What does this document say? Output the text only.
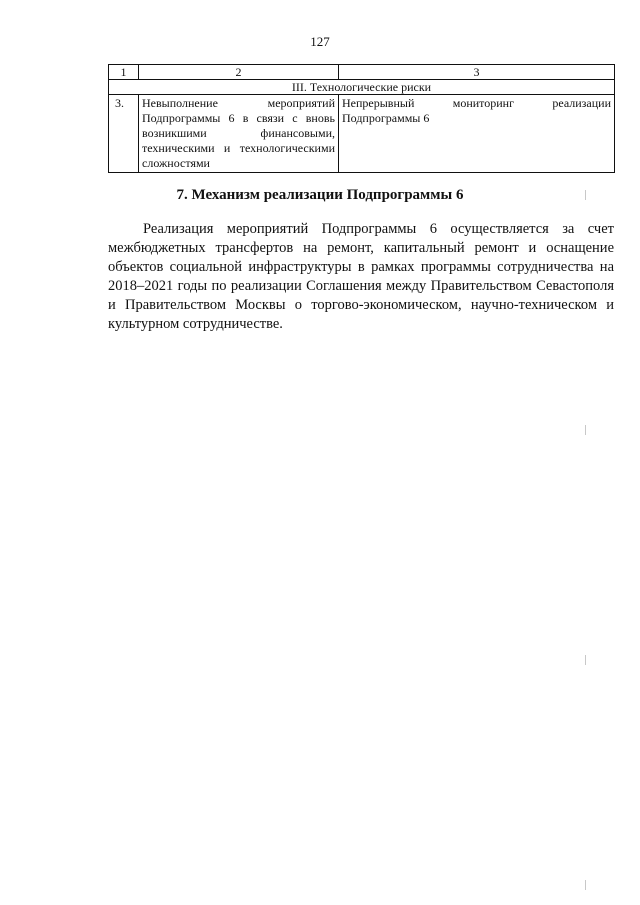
127
1	2	3
III. Технологические риски		
3.	Невыполнение мероприятий Подпрограммы 6 в связи с вновь возникшими финансовыми, техническими и технологическими сложностями	Непрерывный мониторинг реализации Подпрограммы 6
7. Механизм реализации Подпрограммы 6

Реализация мероприятий Подпрограммы 6 осуществляется за счет межбюджетных трансфертов на ремонт, капитальный ремонт и оснащение объектов социальной инфраструктуры в рамках программы сотрудничества на 2018–2021 годы по реализации Соглашения между Правительством Севастополя и Правительством Москвы о торгово-экономическом, научно-техническом и культурном сотрудничестве.
